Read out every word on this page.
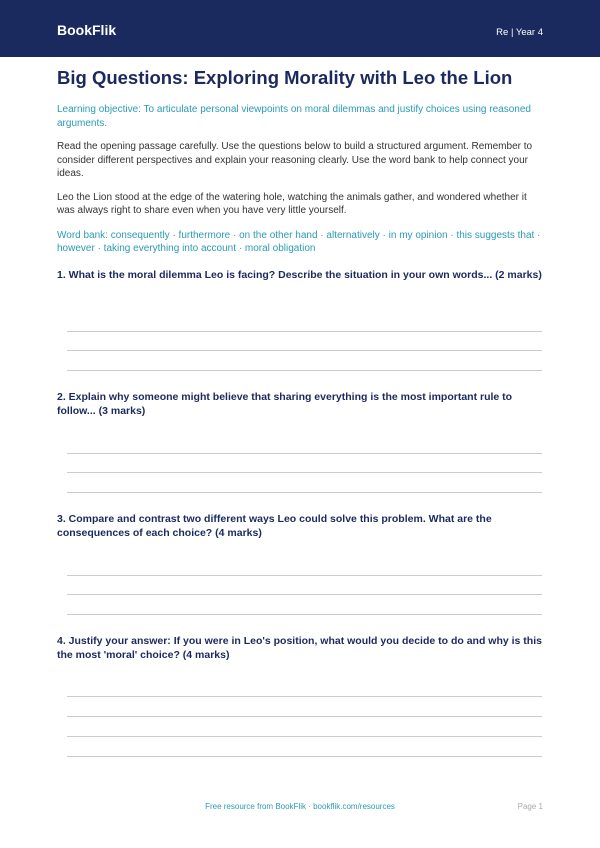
BookFlik	Re | Year 4
Big Questions: Exploring Morality with Leo the Lion

Learning objective: To articulate personal viewpoints on moral dilemmas and justify choices using reasoned arguments.

Read the opening passage carefully. Use the questions below to build a structured argument. Remember to consider different perspectives and explain your reasoning clearly. Use the word bank to help connect your ideas.

Leo the Lion stood at the edge of the watering hole, watching the animals gather, and wondered whether it was always right to share even when you have very little yourself.

Word bank: consequently · furthermore · on the other hand · alternatively · in my opinion · this suggests that · however · taking everything into account · moral obligation

1. What is the moral dilemma Leo is facing? Describe the situation in your own words... (2 marks)
2. Explain why someone might believe that sharing everything is the most important rule to follow... (3 marks)
3. Compare and contrast two different ways Leo could solve this problem. What are the consequences of each choice? (4 marks)
4. Justify your answer: If you were in Leo's position, what would you decide to do and why is this the most 'moral' choice? (4 marks)
Free resource from BookFlik · bookflik.com/resources	Page 1
